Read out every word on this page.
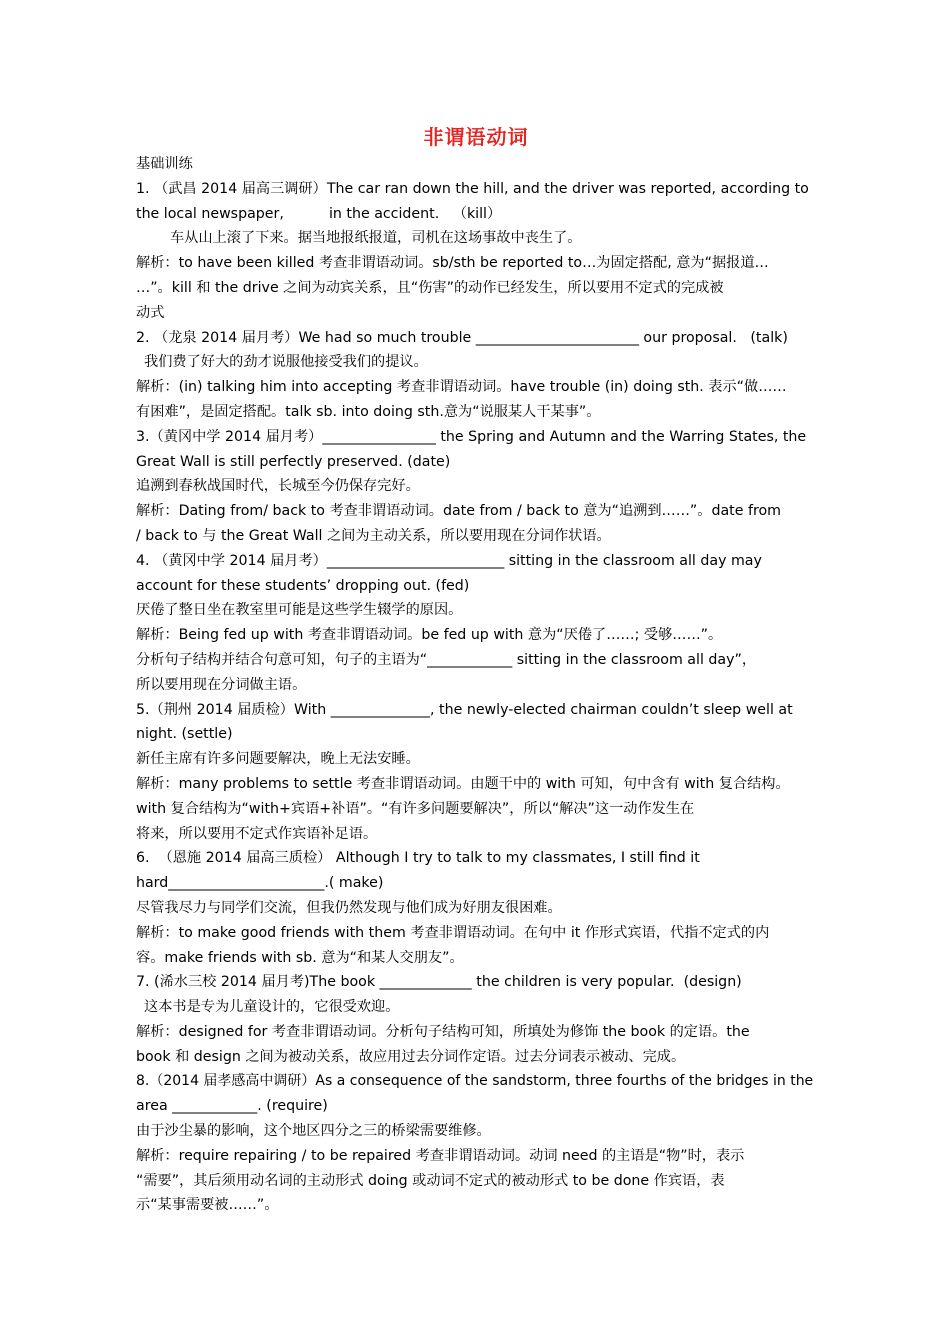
非谓语动词
基础训练
1. （武昌 2014 届高三调研）The car ran down the hill, and the driver was reported, according to
the local newspaper,          in the accident.   （kill）
车从山上滚了下来。据当地报纸报道，司机在这场事故中丧生了。
解析：to have been killed 考查非谓语动词。sb/sth be reported to…为固定搭配, 意为“据报道…
…”。kill 和 the drive 之间为动宾关系，且“伤害”的动作已经发生，所以要用不定式的完成被
动式
2. （龙泉 2014 届月考）We had so much trouble _______________________ our proposal.   (talk)
我们费了好大的劲才说服他接受我们的提议。
解析：(in) talking him into accepting 考查非谓语动词。have trouble (in) doing sth. 表示“做……
有困难”，是固定搭配。talk sb. into doing sth.意为“说服某人干某事”。
3.（黄冈中学 2014 届月考）________________ the Spring and Autumn and the Warring States, the
Great Wall is still perfectly preserved. (date)
追溯到春秋战国时代，长城至今仍保存完好。
解析：Dating from/ back to 考查非谓语动词。date from / back to 意为“追溯到……”。date from
/ back to 与 the Great Wall 之间为主动关系，所以要用现在分词作状语。
4. （黄冈中学 2014 届月考）_________________________ sitting in the classroom all day may
account for these students’ dropping out. (fed)
厌倦了整日坐在教室里可能是这些学生辍学的原因。
解析：Being fed up with 考查非谓语动词。be fed up with 意为“厌倦了……; 受够……”。
分析句子结构并结合句意可知，句子的主语为“____________ sitting in the classroom all day”，
所以要用现在分词做主语。
5.（荆州 2014 届质检）With ______________, the newly-elected chairman couldn’t sleep well at
night. (settle)
新任主席有许多问题要解决，晚上无法安睡。
解析：many problems to settle 考查非谓语动词。由题干中的 with 可知，句中含有 with 复合结构。
with 复合结构为“with+宾语+补语”。“有许多问题要解决”，所以“解决”这一动作发生在
将来，所以要用不定式作宾语补足语。
6.  （恩施 2014 届高三质检） Although I try to talk to my classmates, I still find it
hard______________________.( make)
尽管我尽力与同学们交流，但我仍然发现与他们成为好朋友很困难。
解析：to make good friends with them 考查非谓语动词。在句中 it 作形式宾语，代指不定式的内
容。make friends with sb. 意为“和某人交朋友”。
7. (浠水三校 2014 届月考)The book _____________ the children is very popular.  (design)
这本书是专为儿童设计的，它很受欢迎。
解析：designed for 考查非谓语动词。分析句子结构可知，所填处为修饰 the book 的定语。the
book 和 design 之间为被动关系，故应用过去分词作定语。过去分词表示被动、完成。
8.（2014 届孝感高中调研）As a consequence of the sandstorm, three fourths of the bridges in the
area ____________. (require)
由于沙尘暴的影响，这个地区四分之三的桥梁需要维修。
解析：require repairing / to be repaired 考查非谓语动词。动词 need 的主语是“物”时，表示
“需要”，其后须用动名词的主动形式 doing 或动词不定式的被动形式 to be done 作宾语，表
示“某事需要被……”。
